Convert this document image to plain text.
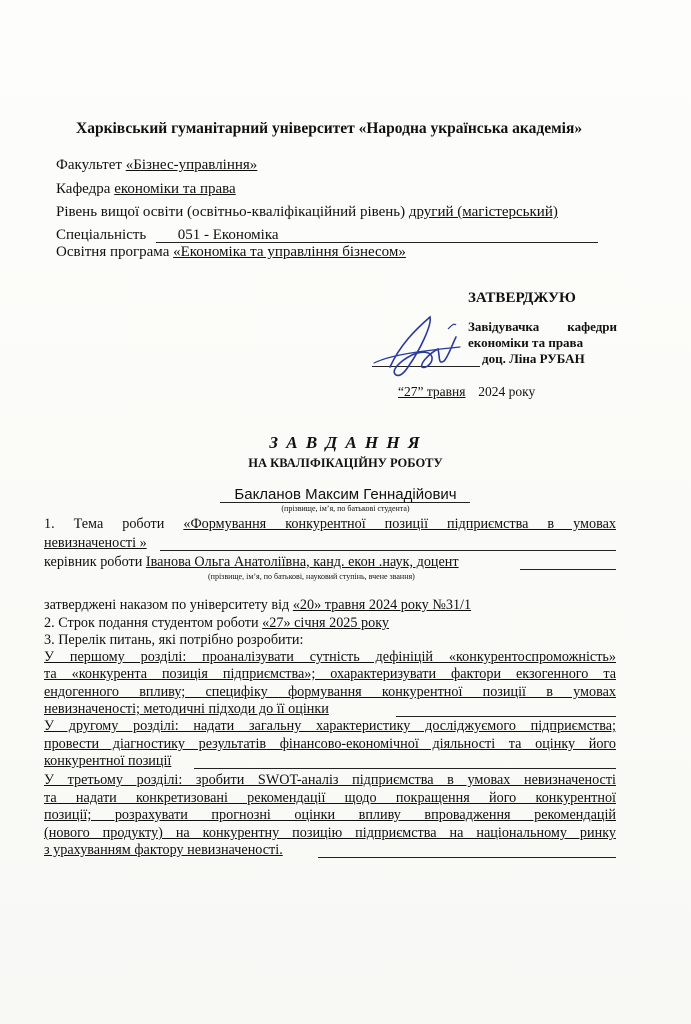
Харківський гуманітарний університет «Народна українська академія»
Факультет «Бізнес-управління»
Кафедра економіки та права
Рівень вищої освіти (освітньо-кваліфікаційний рівень) другий (магістерський)
Спеціальність 051 - Економіка
Освітня програма «Економіка та управління бізнесом»
ЗАТВЕРДЖУЮ
Завідувачка кафедри
економіки та права
доц. Ліна РУБАН
“27” травня 2024 року
З А В Д А Н Н Я
НА КВАЛІФІКАЦІЙНУ РОБОТУ
Бакланов Максим Геннадійович
(прізвище, ім’я, по батькові студента)
1. Тема роботи «Формування конкурентної позиції підприємства в умовах
невизначеності »
керівник роботи Іванова Ольга Анатоліївна, канд. екон .наук, доцент
(прізвище, ім’я, по батькові, науковий ступінь, вчене звання)
затверджені наказом по університету від «20» травня 2024 року №31/1
2. Строк подання студентом роботи «27» січня 2025 року
3. Перелік питань, які потрібно розробити:
У першому розділі: проаналізувати сутність дефініцій «конкурентоспроможність»
та «конкурента позиція підприємства»; охарактеризувати фактори екзогенного та
ендогенного впливу; специфіку формування конкурентної позиції в умовах
невизначеності; методичні підходи до її оцінки
У другому розділі: надати загальну характеристику досліджуємого підприємства;
провести діагностику результатів фінансово-економічної діяльності та оцінку його
конкурентної позиції
У третьому розділі: зробити SWOT-аналіз підприємства в умовах невизначеності
та надати конкретизовані рекомендації щодо покращення його конкурентної
позиції; розрахувати прогнозні оцінки впливу впровадження рекомендацій
(нового продукту) на конкурентну позицію підприємства на національному ринку
з урахуванням фактору невизначеності.
